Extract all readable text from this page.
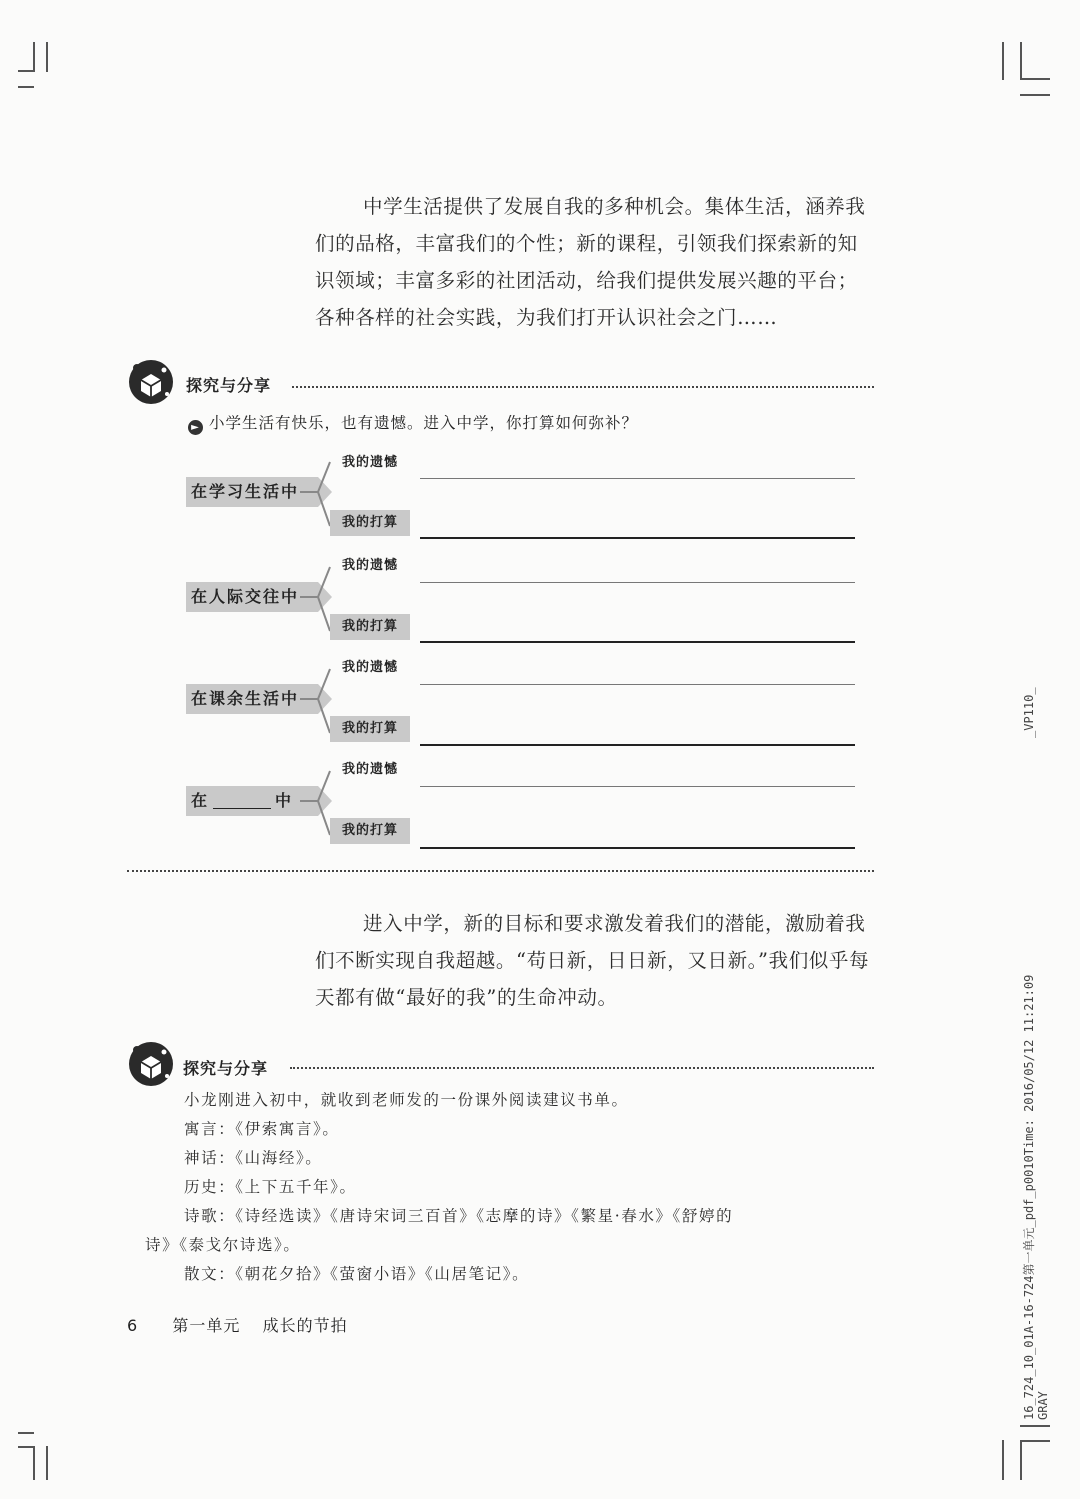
中学生活提供了发展自我的多种机会。集体生活，涵养我们的品格，丰富我们的个性；新的课程，引领我们探索新的知识领域；丰富多彩的社团活动，给我们提供发展兴趣的平台；各种各样的社会实践，为我们打开认识社会之门……
探究与分享
► 小学生活有快乐，也有遗憾。进入中学，你打算如何弥补？
在学习生活中
我的遗憾
我的打算
在人际交往中
我的遗憾
我的打算
在课余生活中
我的遗憾
我的打算
在	中
我的遗憾
我的打算
进入中学，新的目标和要求激发着我们的潜能，激励着我们不断实现自我超越。“苟日新，日日新，又日新。”我们似乎每天都有做“最好的我”的生命冲动。
探究与分享
小龙刚进入初中，就收到老师发的一份课外阅读建议书单。
寓言：《伊索寓言》。
神话：《山海经》。
历史：《上下五千年》。
诗歌：《诗经选读》《唐诗宋词三百首》《志摩的诗》《繁星·春水》《舒婷的
诗》《泰戈尔诗选》。
散文：《朝花夕拾》《萤窗小语》《山居笔记》。
6 第一单元 成长的节拍
_VP110_
16_724_10_01A-16-724第一单元_pdf_p0010Time: 2016/05/12 11:21:09 GRAY
